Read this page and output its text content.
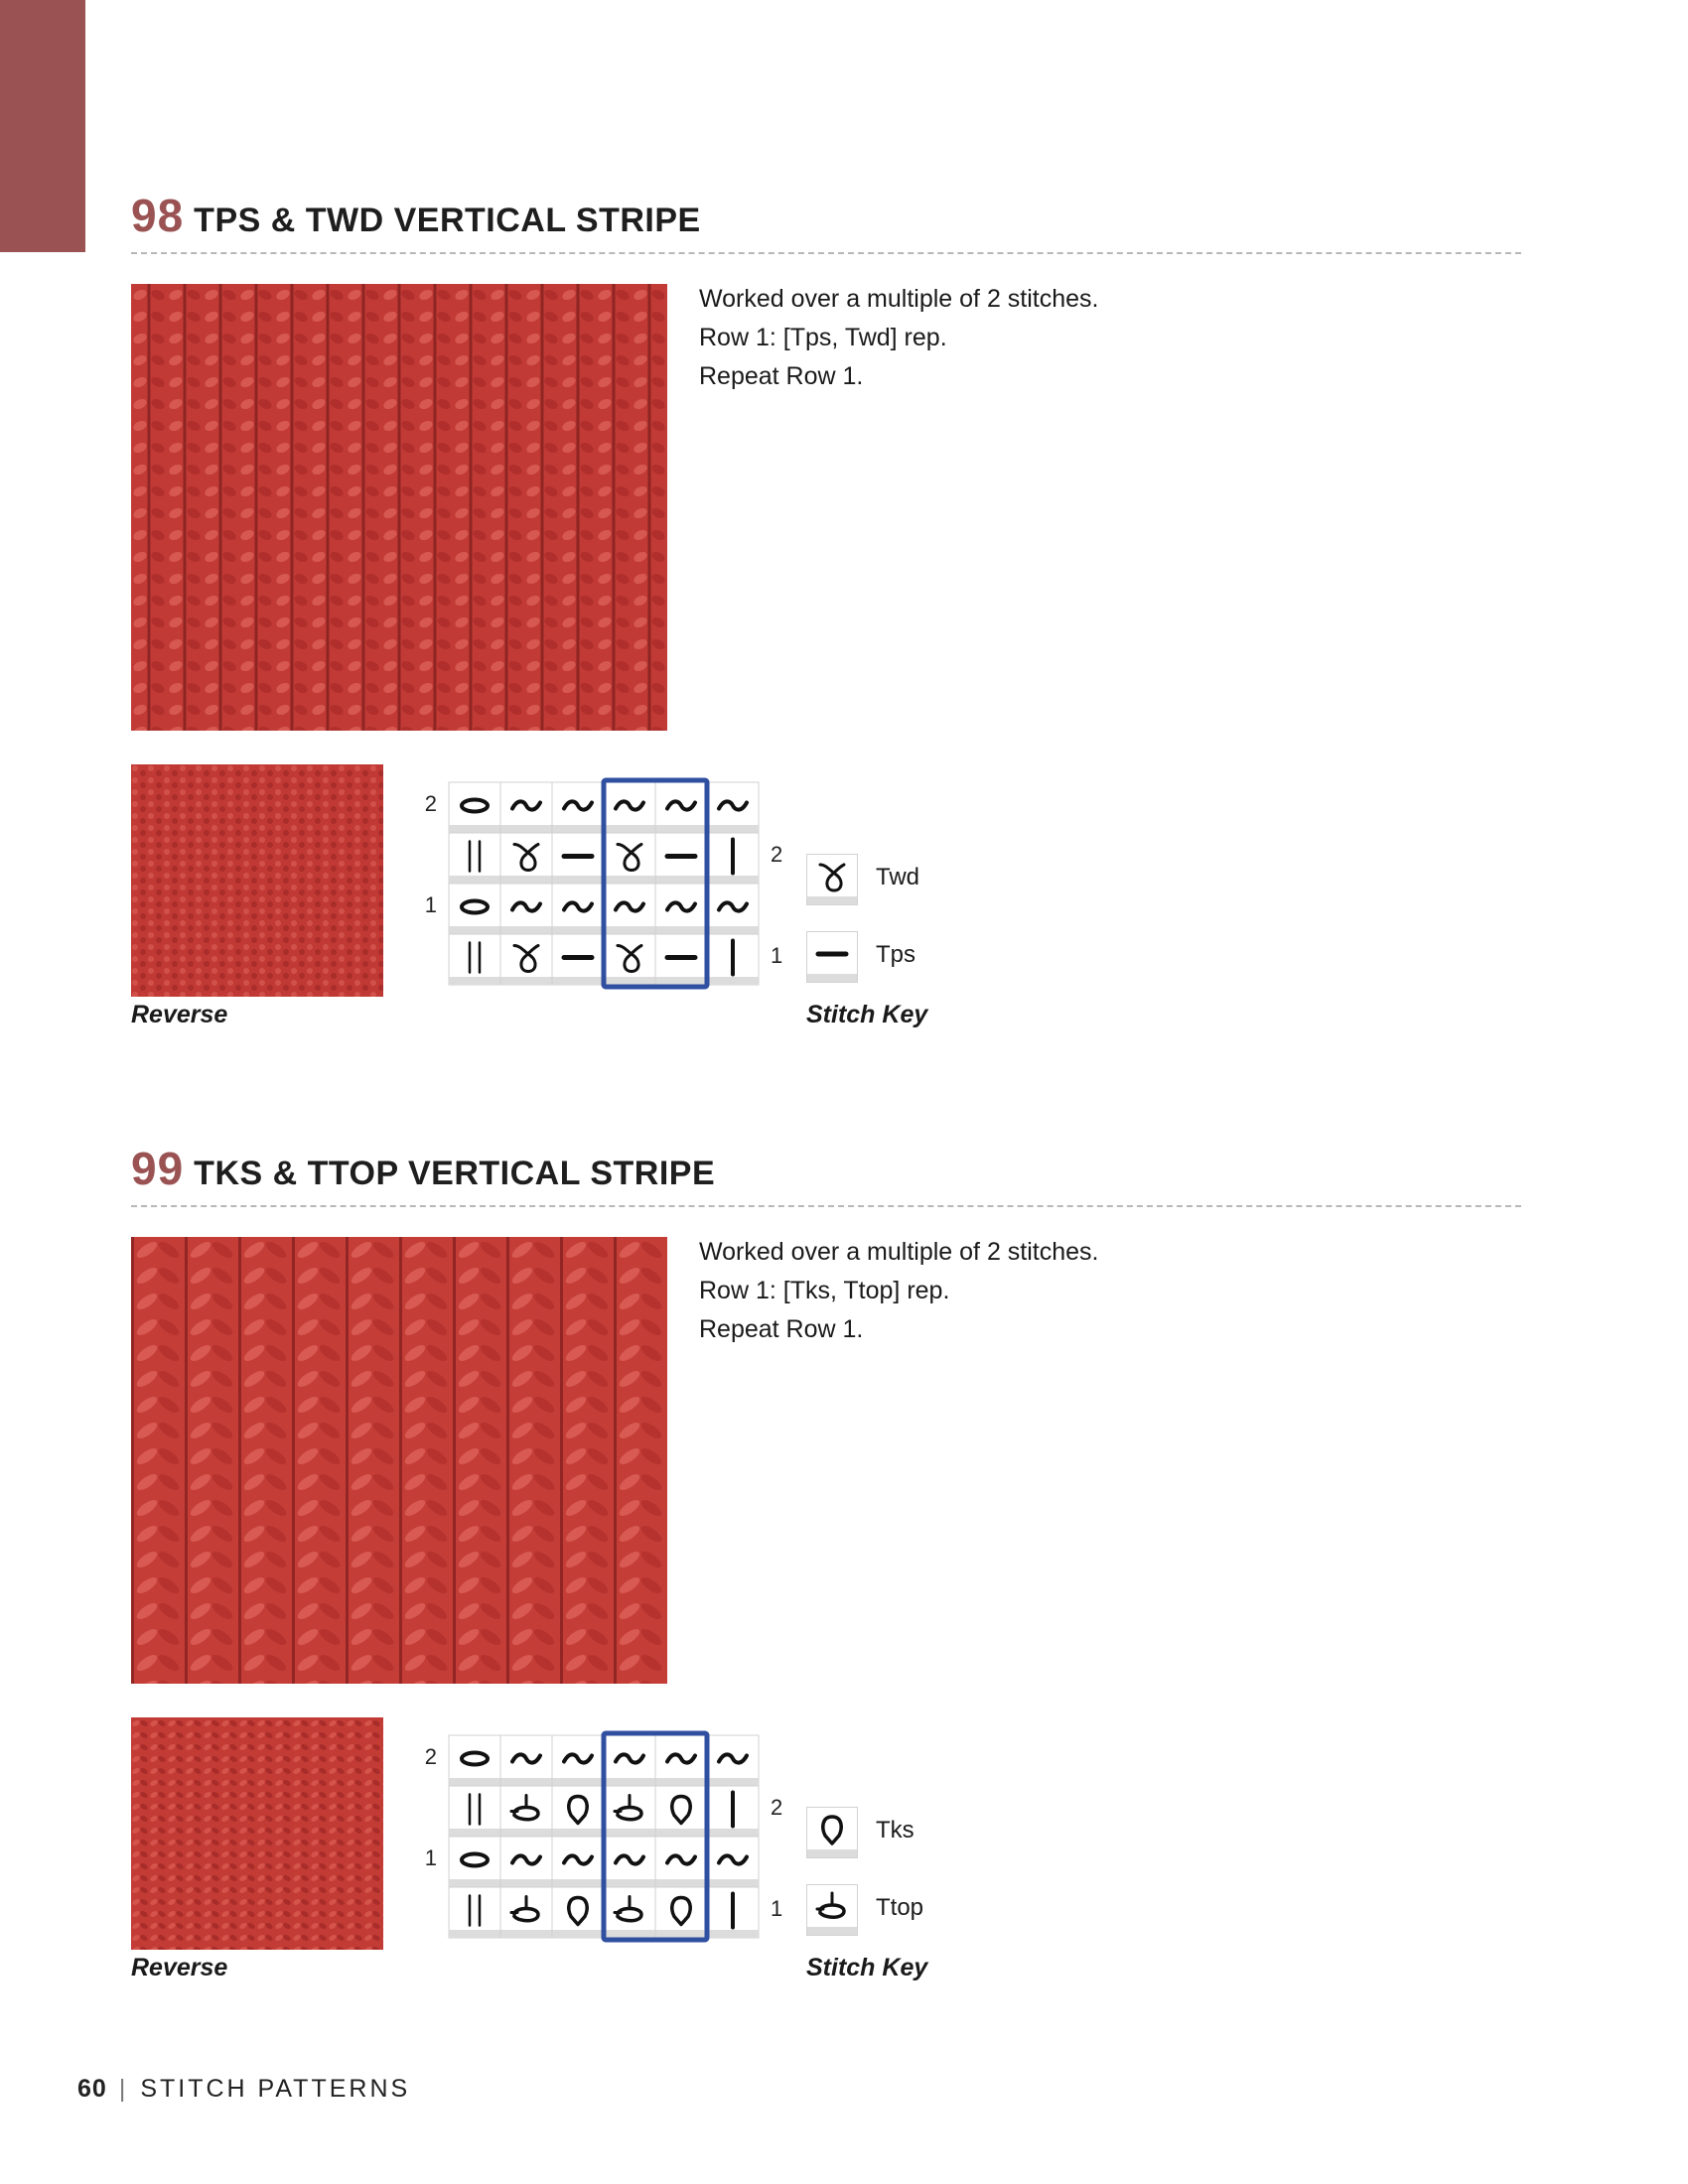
98 TPS & TWD VERTICAL STRIPE
Worked over a multiple of 2 stitches.
Row 1: [Tps, Twd] rep.
Repeat Row 1.
Reverse
2
1
2
1
Twd
Tps
Stitch Key
99 TKS & TTOP VERTICAL STRIPE
Worked over a multiple of 2 stitches.
Row 1: [Tks, Ttop] rep.
Repeat Row 1.
Reverse
2
1
2
1
Tks
Ttop
Stitch Key
60 | STITCH PATTERNS
